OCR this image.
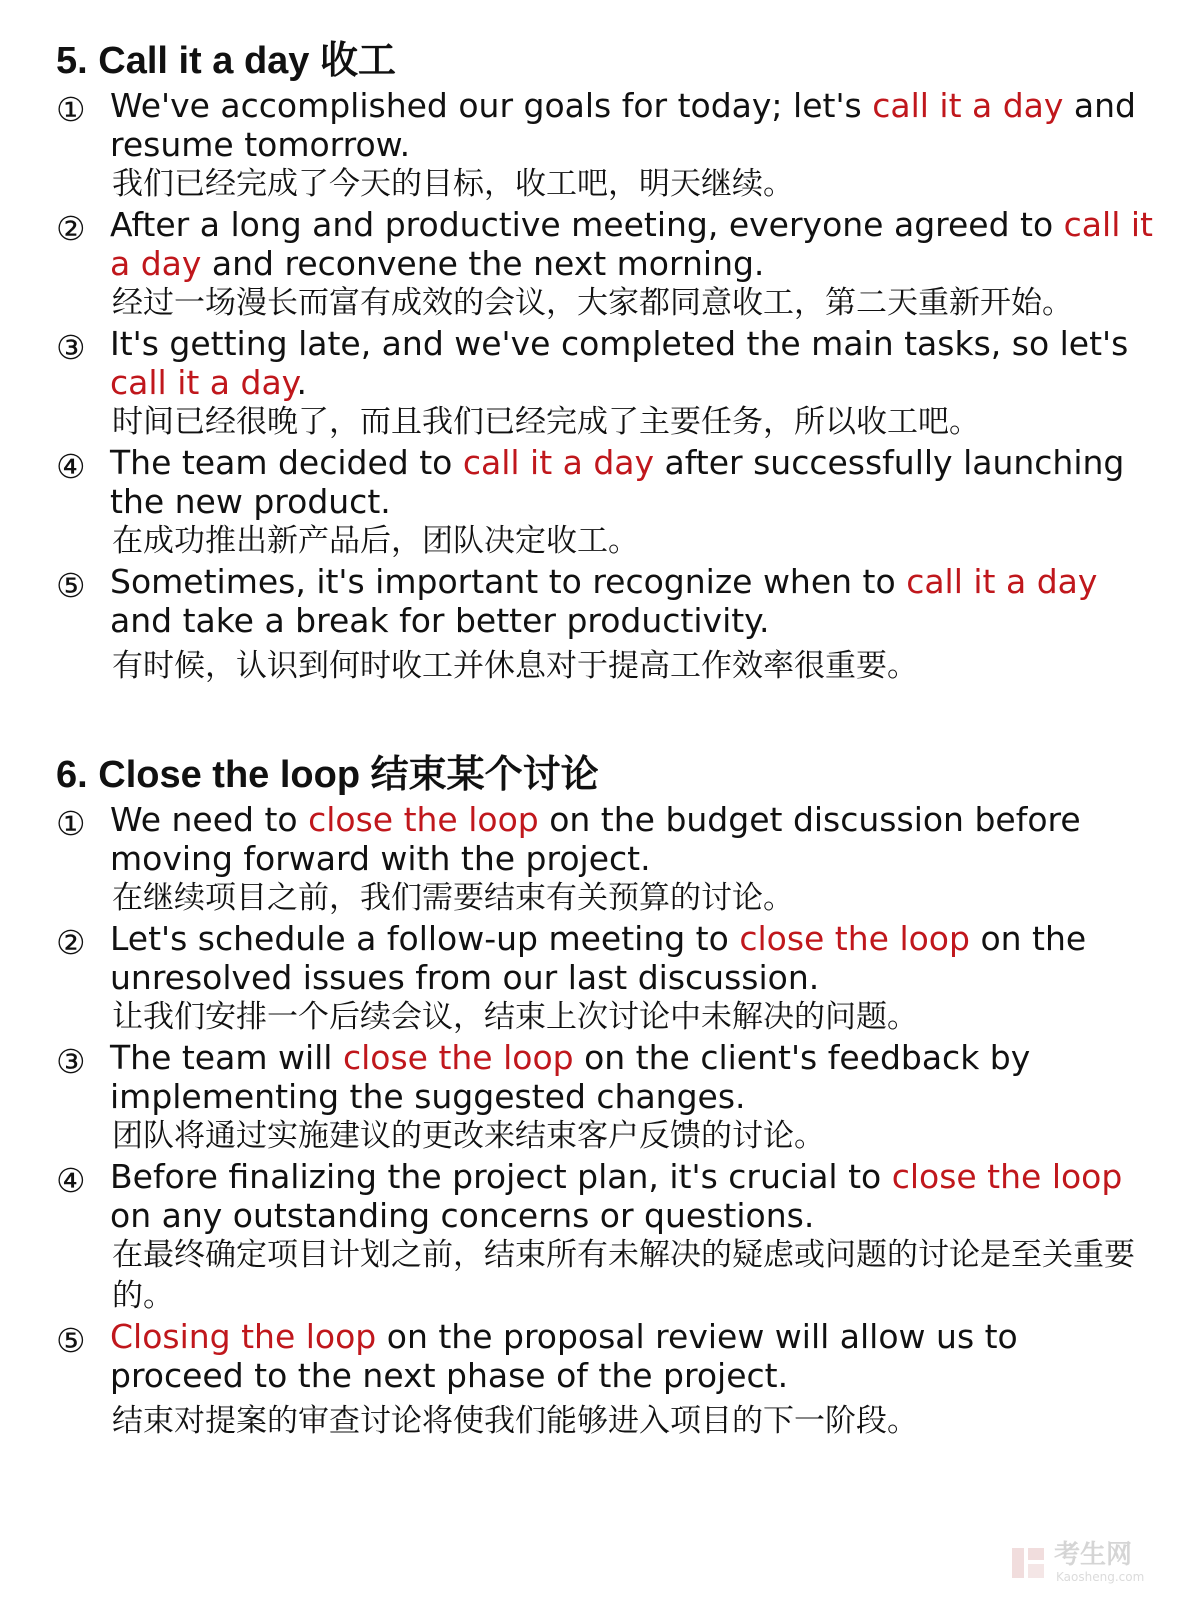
5. Call it a day 收工
① We've accomplished our goals for today; let's call it a day and resume tomorrow.

我们已经完成了今天的目标，收工吧，明天继续。

② After a long and productive meeting, everyone agreed to call it a day and reconvene the next morning.

经过一场漫长而富有成效的会议，大家都同意收工，第二天重新开始。

③ It's getting late, and we've completed the main tasks, so let's call it a day.

时间已经很晚了，而且我们已经完成了主要任务，所以收工吧。

④ The team decided to call it a day after successfully launching the new product.

在成功推出新产品后，团队决定收工。

⑤ Sometimes, it's important to recognize when to call it a day and take a break for better productivity.

有时候，认识到何时收工并休息对于提高工作效率很重要。

6. Close the loop 结束某个讨论
① We need to close the loop on the budget discussion before moving forward with the project.

在继续项目之前，我们需要结束有关预算的讨论。

② Let's schedule a follow-up meeting to close the loop on the unresolved issues from our last discussion.

让我们安排一个后续会议，结束上次讨论中未解决的问题。

③ The team will close the loop on the client's feedback by implementing the suggested changes.

团队将通过实施建议的更改来结束客户反馈的讨论。

④ Before finalizing the project plan, it's crucial to close the loop on any outstanding concerns or questions.

在最终确定项目计划之前，结束所有未解决的疑虑或问题的讨论是至关重要的。

⑤ Closing the loop on the proposal review will allow us to proceed to the next phase of the project.

结束对提案的审查讨论将使我们能够进入项目的下一阶段。

考生网
Kaosheng.com
